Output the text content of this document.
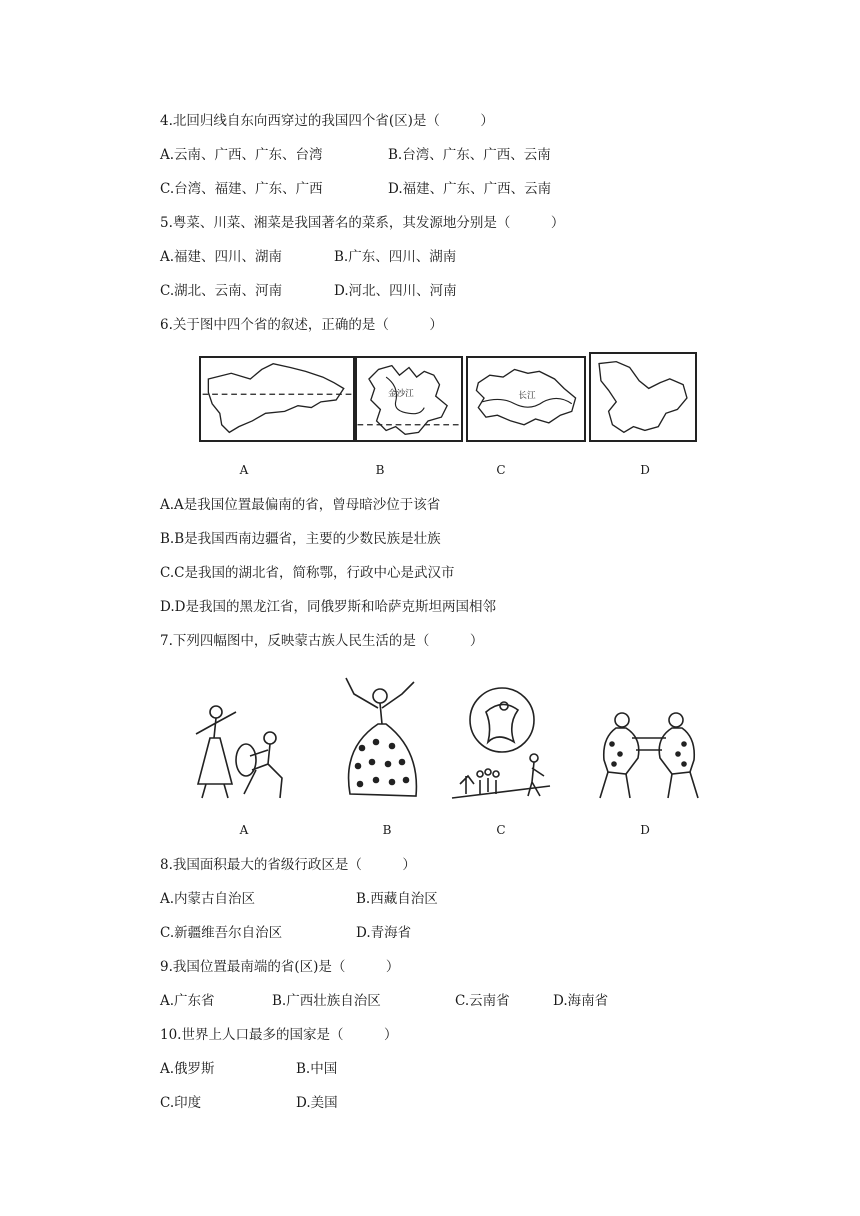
4.北回归线自东向西穿过的我国四个省(区)是（　　　）
A.云南、广西、广东、台湾	B.台湾、广东、广西、云南
C.台湾、福建、广东、广西	D.福建、广东、广西、云南
5.粤菜、川菜、湘菜是我国著名的菜系，其发源地分别是（　　　）
A.福建、四川、湖南	B.广东、四川、湖南
C.湖北、云南、河南	D.河北、四川、河南
6.关于图中四个省的叙述，正确的是（　　　）
金沙江	长江
A	B	C	D
A.A是我国位置最偏南的省，曾母暗沙位于该省
B.B是我国西南边疆省，主要的少数民族是壮族
C.C是我国的湖北省，简称鄂，行政中心是武汉市
D.D是我国的黑龙江省，同俄罗斯和哈萨克斯坦两国相邻
7.下列四幅图中，反映蒙古族人民生活的是（　　　）
A	B	C	D
8.我国面积最大的省级行政区是（　　　）
A.内蒙古自治区	B.西藏自治区
C.新疆维吾尔自治区	D.青海省
9.我国位置最南端的省(区)是（　　　）
A.广东省	B.广西壮族自治区	C.云南省	D.海南省
10.世界上人口最多的国家是（　　　）
A.俄罗斯	B.中国
C.印度	D.美国
